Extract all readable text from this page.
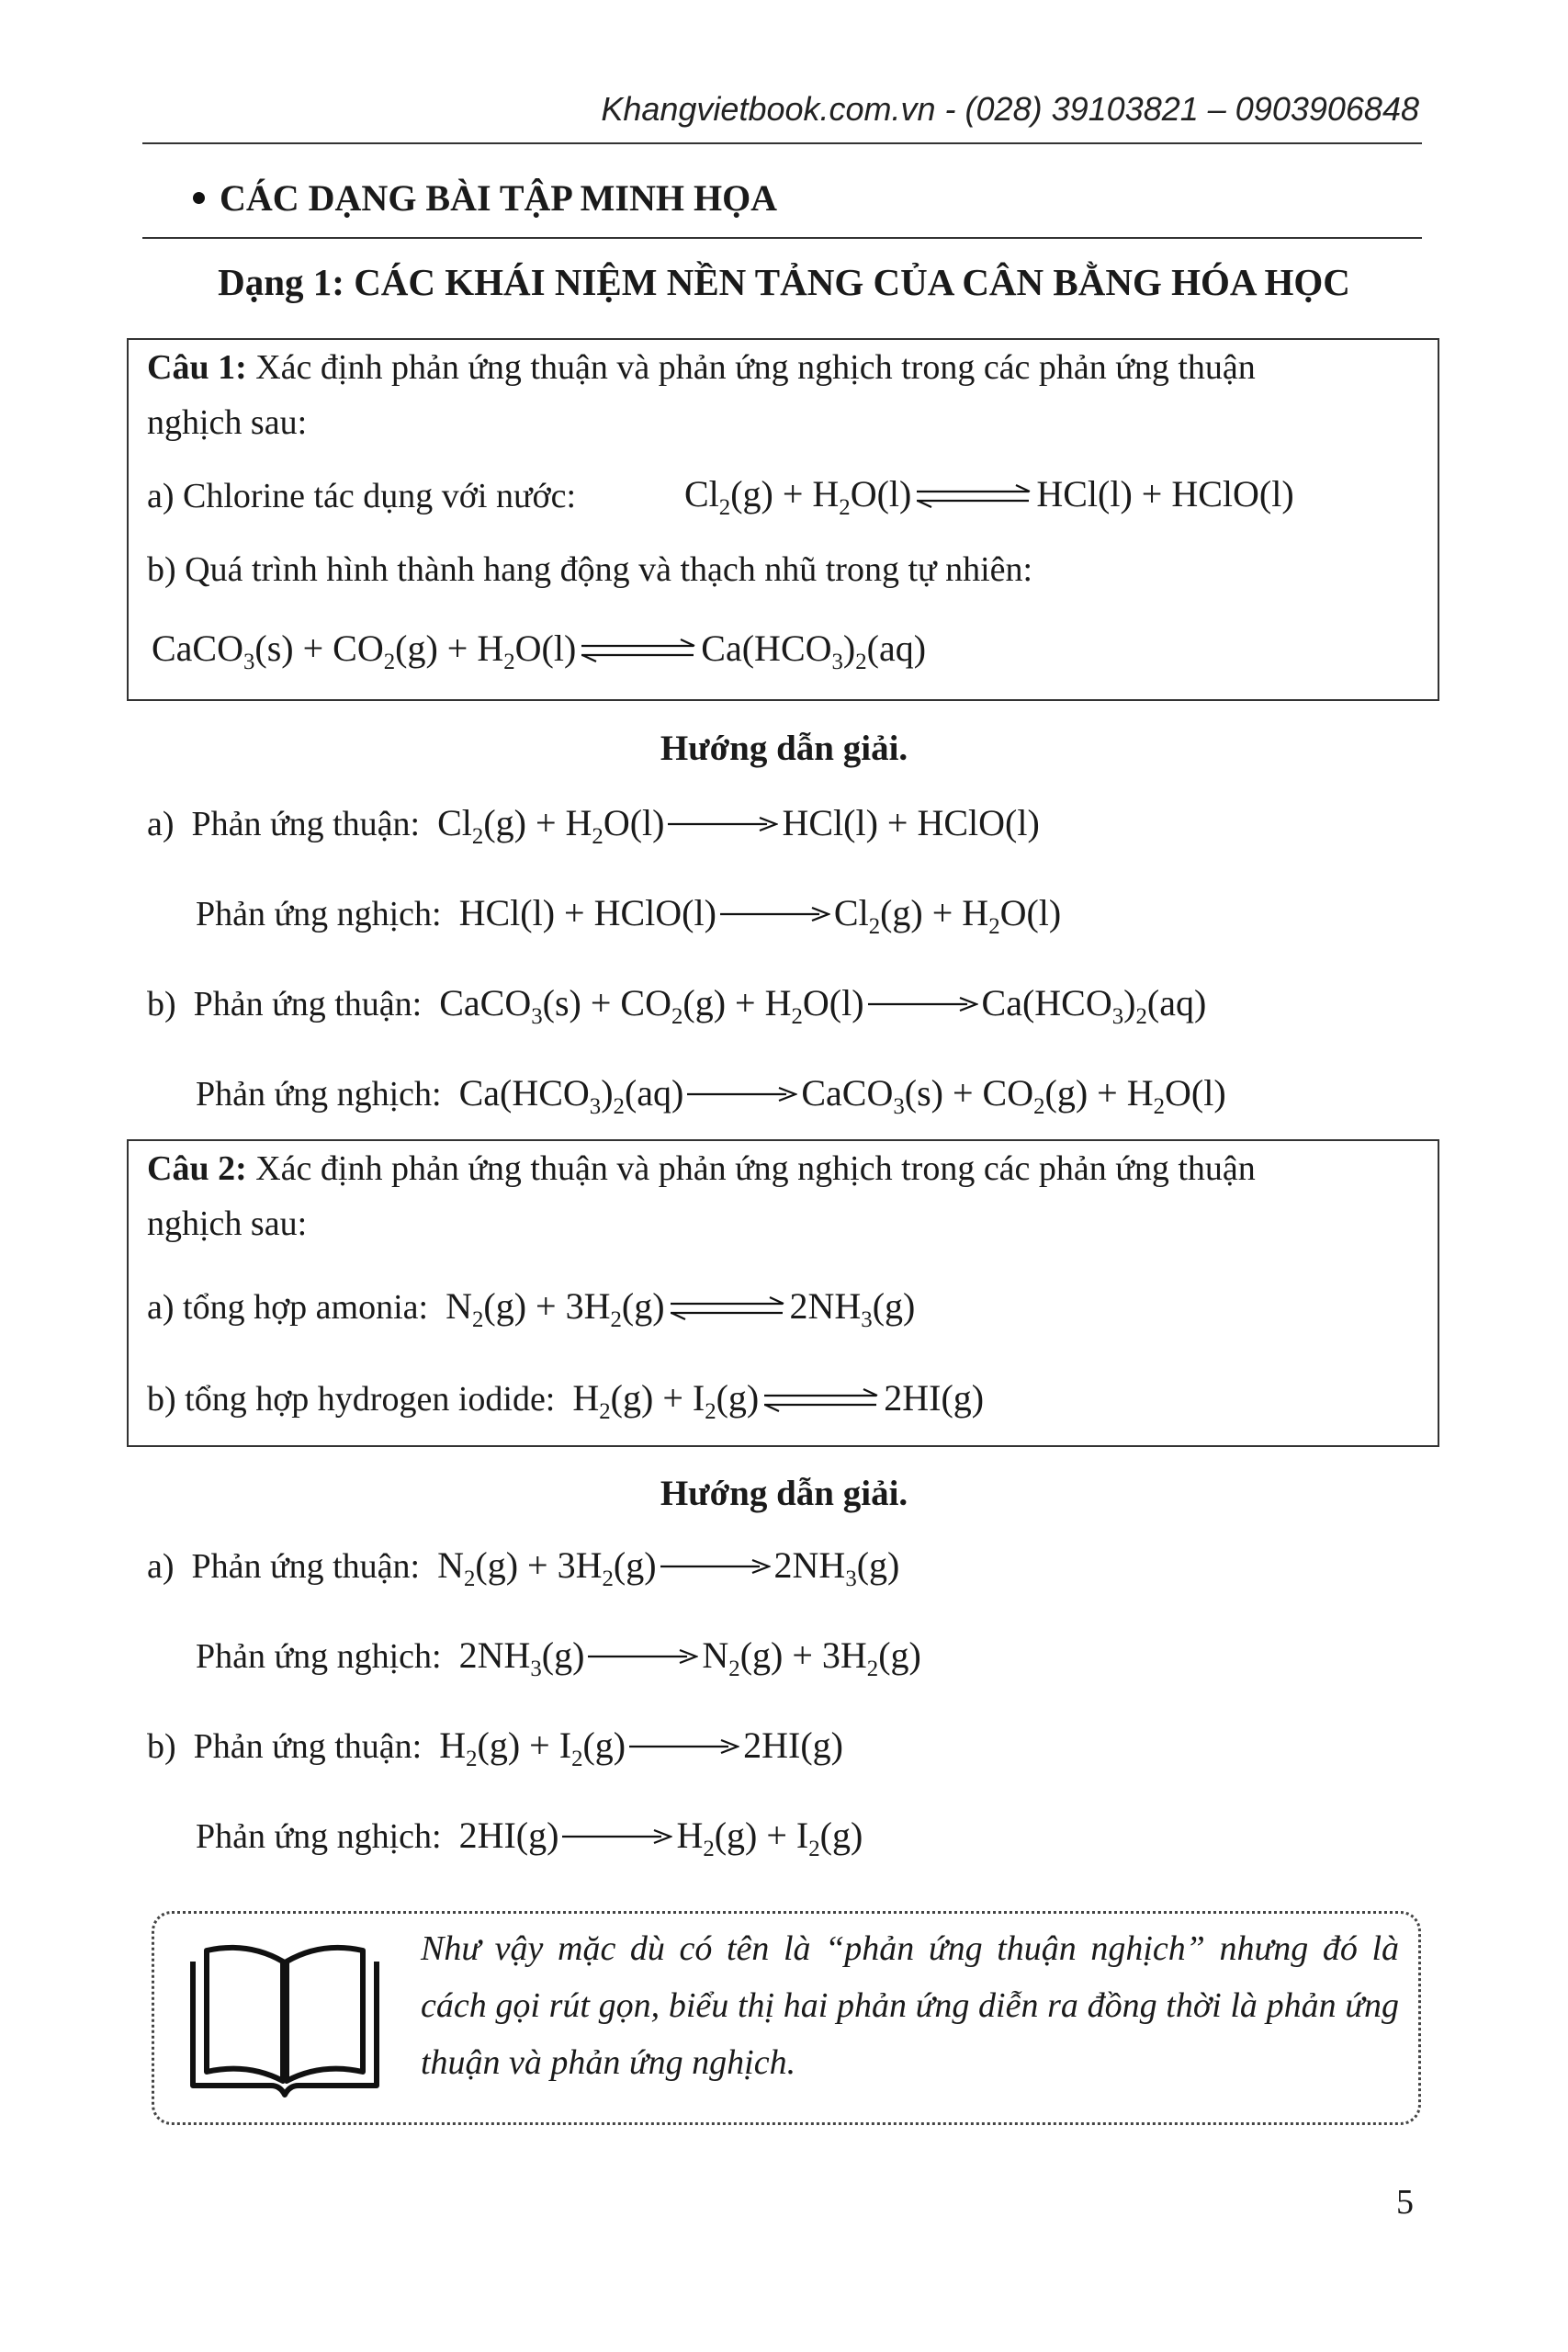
Khangvietbook.com.vn - (028) 39103821 – 0903906848
CÁC DẠNG BÀI TẬP MINH HỌA
Dạng 1: CÁC KHÁI NIỆM NỀN TẢNG CỦA CÂN BẰNG HÓA HỌC
Câu 1: Xác định phản ứng thuận và phản ứng nghịch trong các phản ứng thuận
nghịch sau:
a) Chlorine tác dụng với nước:	$Cl_2(g) + H_2O(l)$	HCl(l) + HClO(l)
b) Quá trình hình thành hang động và thạch nhũ trong tự nhiên:
CaCO$_3$(s) + $CO_2(g) + H_2O(l)$	$Ca(HCO_3)_2(aq)$
Hướng dẫn giải.
a) Phản ứng thuận: $Cl_2(g) + H_2O(l)$	HCl(l) + HClO(l)
Phản ứng nghịch: HCl(l) + HClO(l)	$Cl_2(g) + H_2O(l)$
b) Phản ứng thuận: CaCO$_3$(s) + $CO_2(g) + H_2O(l)$	$Ca(HCO_3)_2(aq)$
Phản ứng nghịch: $Ca(HCO_3)_2(aq)$	CaCO$_3$(s) + $CO_2(g) + H_2O(l)$
Câu 2: Xác định phản ứng thuận và phản ứng nghịch trong các phản ứng thuận
nghịch sau:
a) tổng hợp amonia: $N_2(g) + 3H_2(g)$	$2NH_3(g)$
b) tổng hợp hydrogen iodide: $H_2(g) + I_2(g)$	2HI(g)
Hướng dẫn giải.
a) Phản ứng thuận: $N_2(g) + 3H_2(g)$	$2NH_3(g)$
Phản ứng nghịch: $2NH_3(g)$	$N_2(g) + 3H_2(g)$
b) Phản ứng thuận: $H_2(g) + I_2(g)$	2HI(g)
Phản ứng nghịch: 2HI(g)	$H_2(g) + I_2(g)$
Như vậy mặc dù có tên là “phản ứng thuận nghịch” nhưng đó là cách gọi rút gọn, biểu thị hai phản ứng diễn ra đồng thời là phản ứng thuận và phản ứng nghịch.
5
